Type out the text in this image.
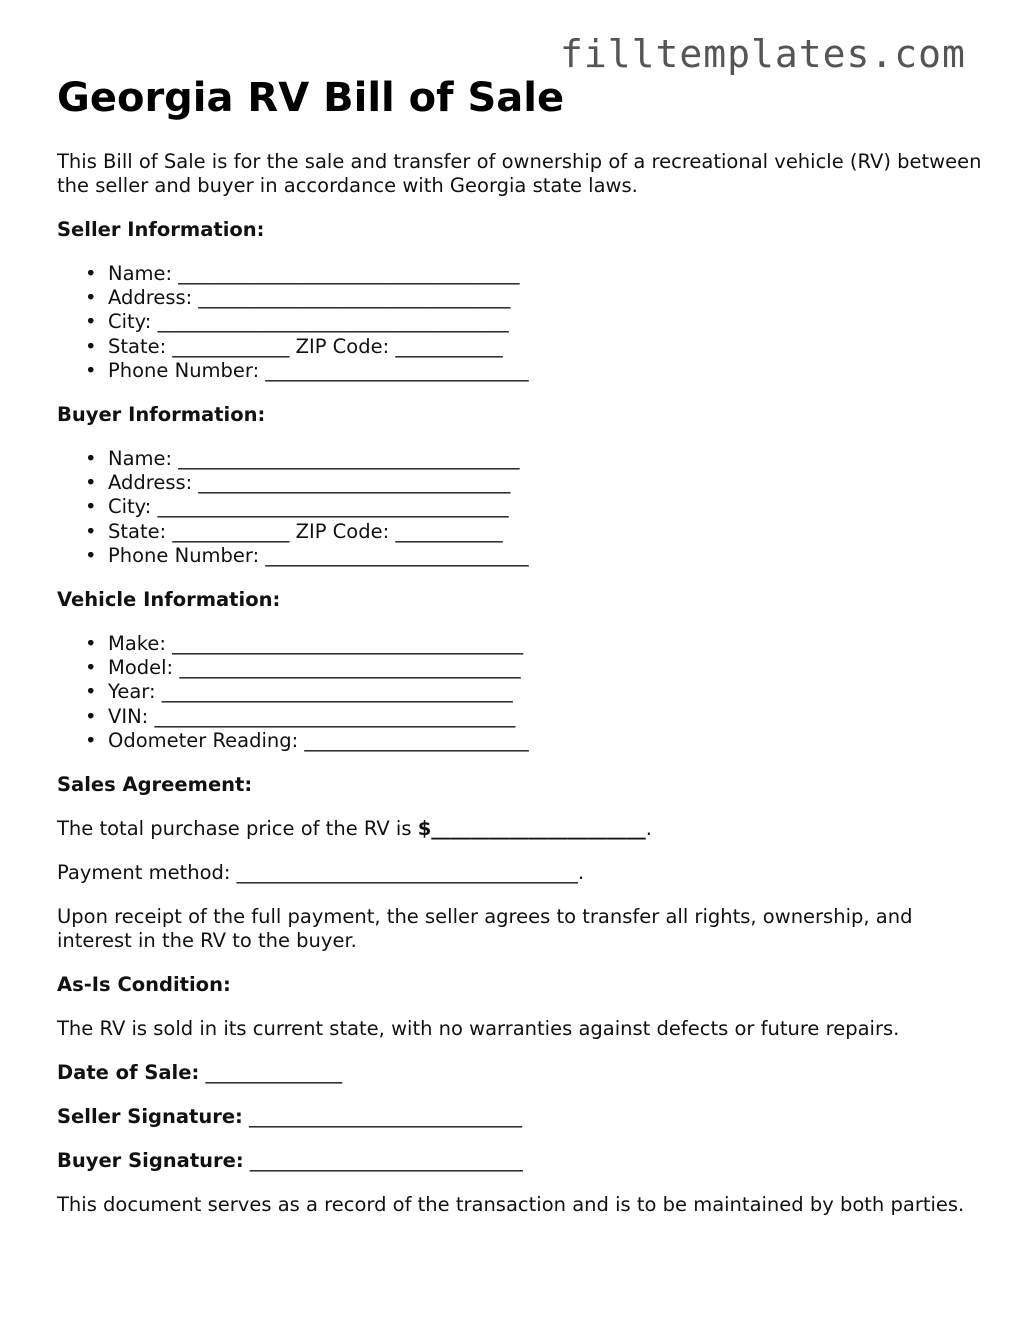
filltemplates.com
Georgia RV Bill of Sale

This Bill of Sale is for the sale and transfer of ownership of a recreational vehicle (RV) between the seller and buyer in accordance with Georgia state laws.

Seller Information:

• Name: ___________________________________
• Address: ________________________________
• City: ____________________________________
• State: ____________ ZIP Code: ___________
• Phone Number: ___________________________

Buyer Information:

• Name: ___________________________________
• Address: ________________________________
• City: ____________________________________
• State: ____________ ZIP Code: ___________
• Phone Number: ___________________________

Vehicle Information:

• Make: ____________________________________
• Model: ___________________________________
• Year: ____________________________________
• VIN: _____________________________________
• Odometer Reading: _______________________

Sales Agreement:

The total purchase price of the RV is $______________________.

Payment method: ___________________________________.

Upon receipt of the full payment, the seller agrees to transfer all rights, ownership, and interest in the RV to the buyer.

As-Is Condition:

The RV is sold in its current state, with no warranties against defects or future repairs.

Date of Sale: ______________

Seller Signature: ____________________________

Buyer Signature: ____________________________

This document serves as a record of the transaction and is to be maintained by both parties.
